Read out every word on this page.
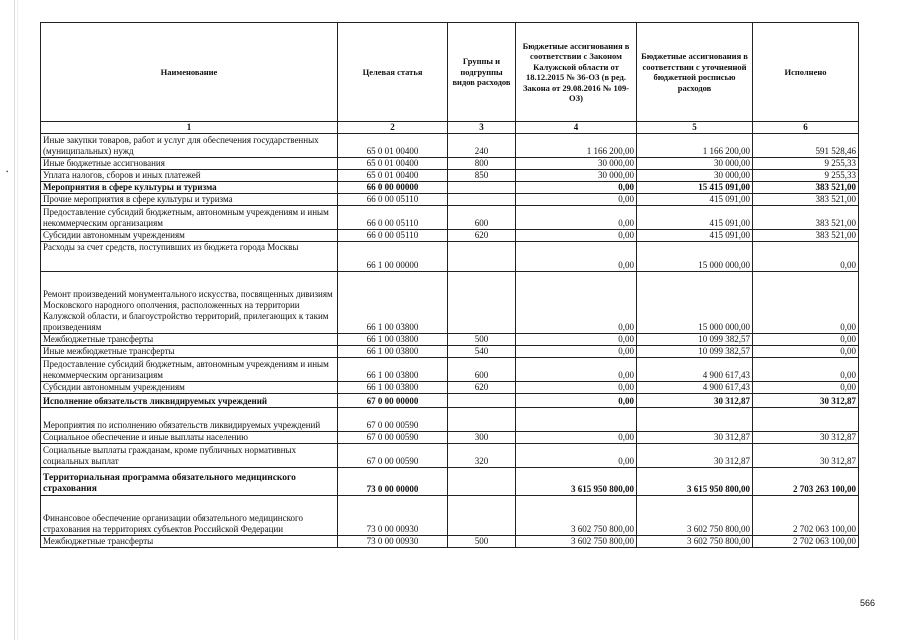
•
Наименование	Целевая статья	Группы и подгруппы видов расходов	Бюджетные ассигнования в соответствии с Законом Калужской области от 18.12.2015 № 36-ОЗ (в ред. Закона от 29.08.2016 № 109-ОЗ)	Бюджетные ассигнования в соответствии с уточненной бюджетной росписью расходов	Исполнено
1	2	3	4	5	6
Иные закупки товаров, работ и услуг для обеспечения государственных (муниципальных) нужд	65 0 01 00400	240	1 166 200,00	1 166 200,00	591 528,46
Иные бюджетные ассигнования	65 0 01 00400	800	30 000,00	30 000,00	9 255,33
Уплата налогов, сборов и иных платежей	65 0 01 00400	850	30 000,00	30 000,00	9 255,33
Мероприятия в сфере культуры и туризма	66 0 00 00000		0,00	15 415 091,00	383 521,00
Прочие мероприятия в сфере культуры и туризма	66 0 00 05110		0,00	415 091,00	383 521,00
Предоставление субсидий бюджетным, автономным учреждениям и иным некоммерческим организациям	66 0 00 05110	600	0,00	415 091,00	383 521,00
Субсидии автономным учреждениям	66 0 00 05110	620	0,00	415 091,00	383 521,00
Расходы за счет средств, поступивших из бюджета города Москвы	66 1 00 00000		0,00	15 000 000,00	0,00
Ремонт произведений монументального искусства, посвященных дивизиям Московского народного ополчения, расположенных на территории Калужской области, и благоустройство территорий, прилегающих к таким произведениям	66 1 00 03800		0,00	15 000 000,00	0,00
Межбюджетные трансферты	66 1 00 03800	500	0,00	10 099 382,57	0,00
Иные межбюджетные трансферты	66 1 00 03800	540	0,00	10 099 382,57	0,00
Предоставление субсидий бюджетным, автономным учреждениям и иным некоммерческим организациям	66 1 00 03800	600	0,00	4 900 617,43	0,00
Субсидии автономным учреждениям	66 1 00 03800	620	0,00	4 900 617,43	0,00
Исполнение обязательств ликвидируемых учреждений	67 0 00 00000		0,00	30 312,87	30 312,87
Мероприятия по исполнению обязательств ликвидируемых учреждений	67 0 00 00590				
Социальное обеспечение и иные выплаты населению	67 0 00 00590	300	0,00	30 312,87	30 312,87
Социальные выплаты гражданам, кроме публичных нормативных социальных выплат	67 0 00 00590	320	0,00	30 312,87	30 312,87
Территориальная программа обязательного медицинского страхования	73 0 00 00000		3 615 950 800,00	3 615 950 800,00	2 703 263 100,00
Финансовое обеспечение организации обязательного медицинского страхования на территориях субъектов Российской Федерации	73 0 00 00930		3 602 750 800,00	3 602 750 800,00	2 702 063 100,00
Межбюджетные трансферты	73 0 00 00930	500	3 602 750 800,00	3 602 750 800,00	2 702 063 100,00
566
